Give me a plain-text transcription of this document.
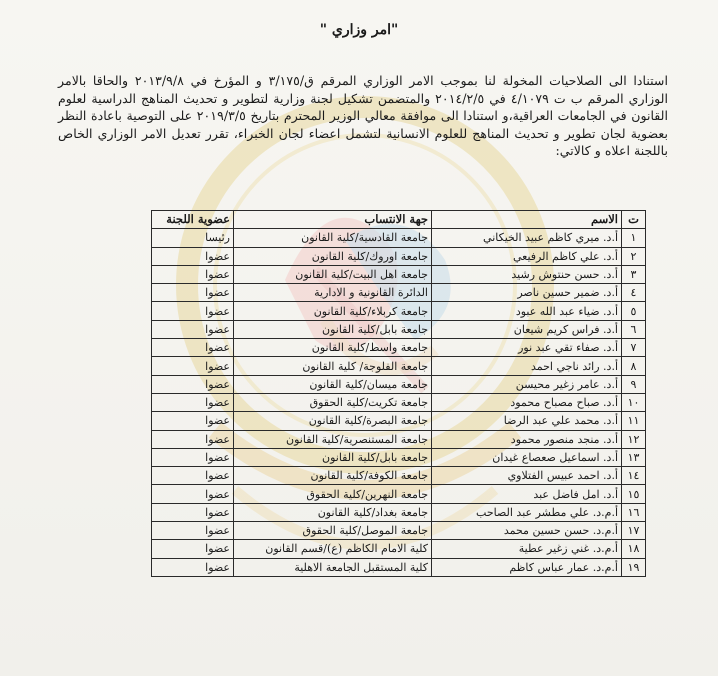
" امر وزاري"
استنادا الى الصلاحيات المخولة لنا بموجب الامر الوزاري المرقم ق/٣/١٧٥ و المؤرخ في ٢٠١٣/٩/٨ والحاقا بالامر الوزاري المرقم ب ت ٤/١٠٧٩ في ٢٠١٤/٢/٥ والمتضمن تشكيل لجنة وزارية لتطوير و تحديث المناهج الدراسية لعلوم القانون في الجامعات العراقية،و استنادا الى موافقة معالي الوزير المحترم بتاريخ ٢٠١٩/٣/٥ على التوصية باعادة النظر بعضوية لجان تطوير و تحديث المناهج للعلوم الانسانية لتشمل اعضاء لجان الخبراء، تقرر تعديل الامر الوزاري الخاص باللجنة اعلاه و كالاتي:
ت	الاسم	جهة الانتساب	عضوية اللجنة
١	أ.د. ميري كاظم عبيد الخيكاني	جامعة القادسية/كلية القانون	رئيسا
٢	أ.د. علي كاظم الرفيعي	جامعة اوروك/كلية القانون	عضوا
٣	أ.د. حسن حنتوش رشيد	جامعة اهل البيت/كلية القانون	عضوا
٤	أ.د. ضمير حسين ناصر	الدائرة القانونية و الادارية	عضوا
٥	أ.د. ضياء عبد الله عبود	جامعة كربلاء/كلية القانون	عضوا
٦	أ.د. فراس كريم شيعان	جامعة بابل/كلية القانون	عضوا
٧	أ.د. صفاء تقي عبد نور	جامعة واسط/كلية القانون	عضوا
٨	أ.د. رائد ناجي احمد	جامعة الفلوجة/ كلية القانون	عضوا
٩	أ.د. عامر زغير محيسن	جامعة ميسان/كلية القانون	عضوا
١٠	أ.د. صباح مصباح محمود	جامعة تكريت/كلية الحقوق	عضوا
١١	أ.د. محمد علي عبد الرضا	جامعة البصرة/كلية القانون	عضوا
١٢	أ.د. منجد منصور محمود	جامعة المستنصرية/كلية القانون	عضوا
١٣	أ.د. اسماعيل صعصاع غيدان	جامعة بابل/كلية القانون	عضوا
١٤	أ.د. احمد عبيس الفتلاوي	جامعة الكوفة/كلية القانون	عضوا
١٥	أ.د. امل فاضل عبد	جامعة النهرين/كلية الحقوق	عضوا
١٦	أ.م.د. علي مطشر عبد الصاحب	جامعة بغداد/كلية القانون	عضوا
١٧	أ.م.د. حسن حسين محمد	جامعة الموصل/كلية الحقوق	عضوا
١٨	أ.م.د. غني زغير عطية	كلية الامام الكاظم (ع)/قسم القانون	عضوا
١٩	أ.م.د. عمار عباس كاظم	كلية المستقبل الجامعة الاهلية	عضوا
